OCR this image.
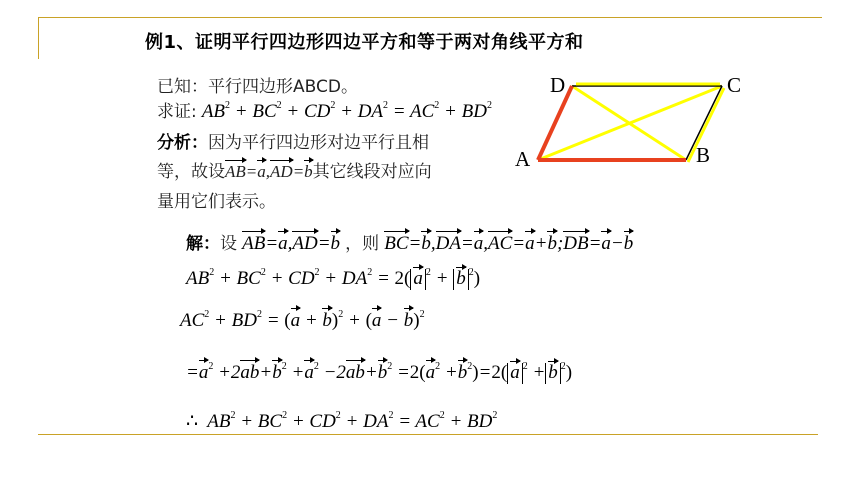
例1、证明平行四边形四边平方和等于两对角线平方和
已知：平行四边形ABCD。
求证: $AB^2 + BC^2 + CD^2 + DA^2 = AC^2 + BD^2$
分析：因为平行四边形对边平行且相
等，故设AB=a,AD=b其它线段对应向
量用它们表示。
解：设 AB=a,AD=b ，则 BC=b,DA=a,AC=a+b;DB=a−b
$AB^2 + BC^2 + CD^2 + DA^2 = 2$( a $^2$ + b $^2$)
$AC^2 + BD^2 = (a + b)^2 + (a - b)^2$
$=a^2 +2ab+b^2 +a^2 -2ab+b^2 =2(a^2 +b^2)=2$( a $^2$ + b $^2$)
∴  $AB^2 + BC^2 + CD^2 + DA^2 = AC^2 + BD^2$
D	C
A	B
